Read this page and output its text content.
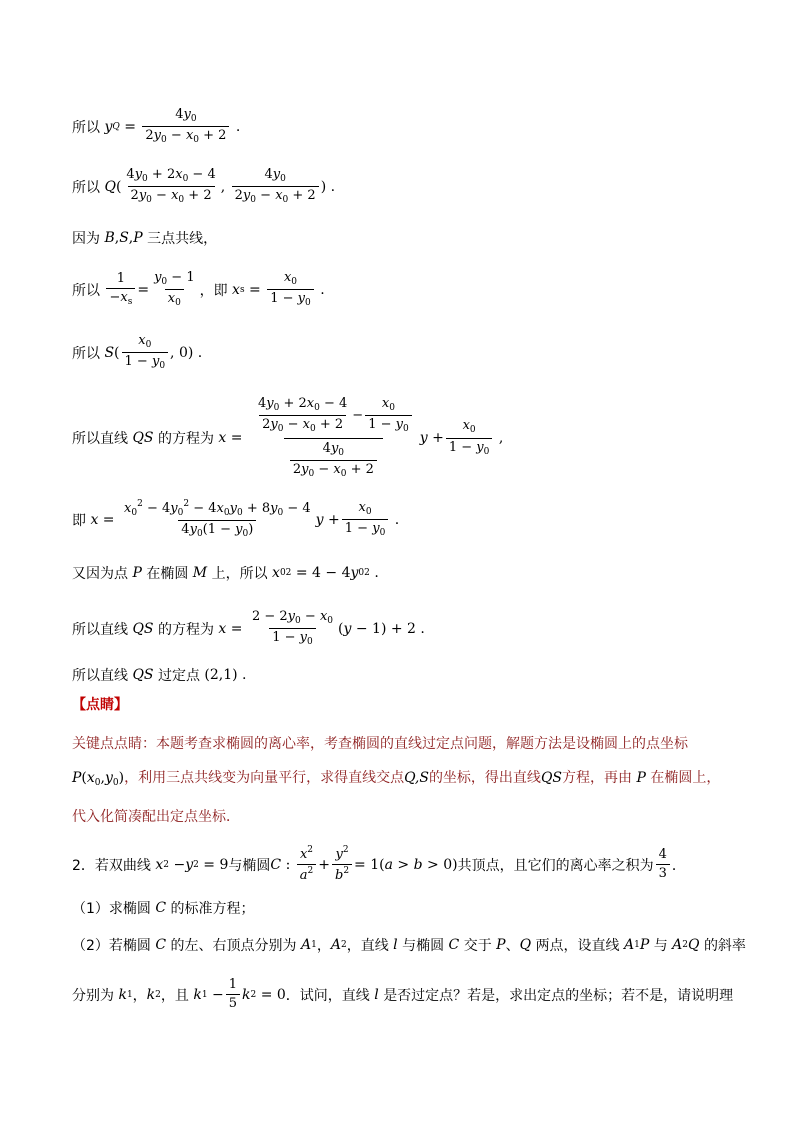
所以 y $Q = \frac{4y_0}{2y_0 - x_0 + 2}$ .
所以 Q ( $\frac{4y_0 + 2x_0 - 4}{2y_0 - x_0 + 2}$ , $\frac{4y_0}{2y_0 - x_0 + 2}$ ) .
因为 B , S , P 三点共线 ，
所以
$\frac{1}{-x_s} = \frac{y_0 - 1}{x_0}$ ，即 x $s = \frac{x_0}{1 - y_0}$ .
所以 S ( $\frac{x_0}{1 - y_0}$ , 0) .
所以直线 QS 的方程为 $x = \frac{\frac{4y_0 + 2x_0 - 4}{2y_0 - x_0 + 2} - \frac{x_0}{1 - y_0}}{\frac{4y_0}{2y_0 - x_0 + 2}}$ $y + \frac{x_0}{1 - y_0}$ ,
即 $x = \frac{x_0^2 - 4y_0^2 - 4x_0y_0 + 8y_0 - 4}{4y_0(1 - y_0)}$ $y + \frac{x_0}{1 - y_0}$ .
又因为点 P 在椭圆 M 上，所以 x 0 2 = 4 − 4 y 0 2 .
所以直线 QS 的方程为 $x = \frac{2 - 2y_0 - x_0}{1 - y_0}$ ( y − 1) + 2 .
所以直线 QS 过定点 (2,1) .
【点睛】
关键点点睛：本题考查求椭圆的离心率，考查椭圆的直线过定点问题，解题方法是设椭圆上的点坐标
$P(x_0,y_0)$，利用三点共线变为向量平行，求得直线交点Q,S的坐标，得出直线QS方程，再由 P 在椭圆上，
代入化简凑配出定点坐标．
2．若双曲线 x 2 − y 2 = 9 与椭圆 C : $\frac{x^2}{a^2} + \frac{y^2}{b^2} = 1$( a > b > 0) 共顶点，且它们的离心率之积为 $\frac{4}{3}$ ．
（1）求椭圆 C 的标准方程；
（2）若椭圆 C 的左、右顶点分别为 A 1 ， A 2 ，直线 l 与椭圆 C 交于 P 、 Q 两点，设直线 A 1 P 与 A 2 Q 的斜率
分别为 k 1 ， k 2 ，且 k $1 - \frac{1}{5}$ k 2 = 0 ．试问，直线 l 是否过定点？若是，求出定点的坐标；若不是，请说明理
